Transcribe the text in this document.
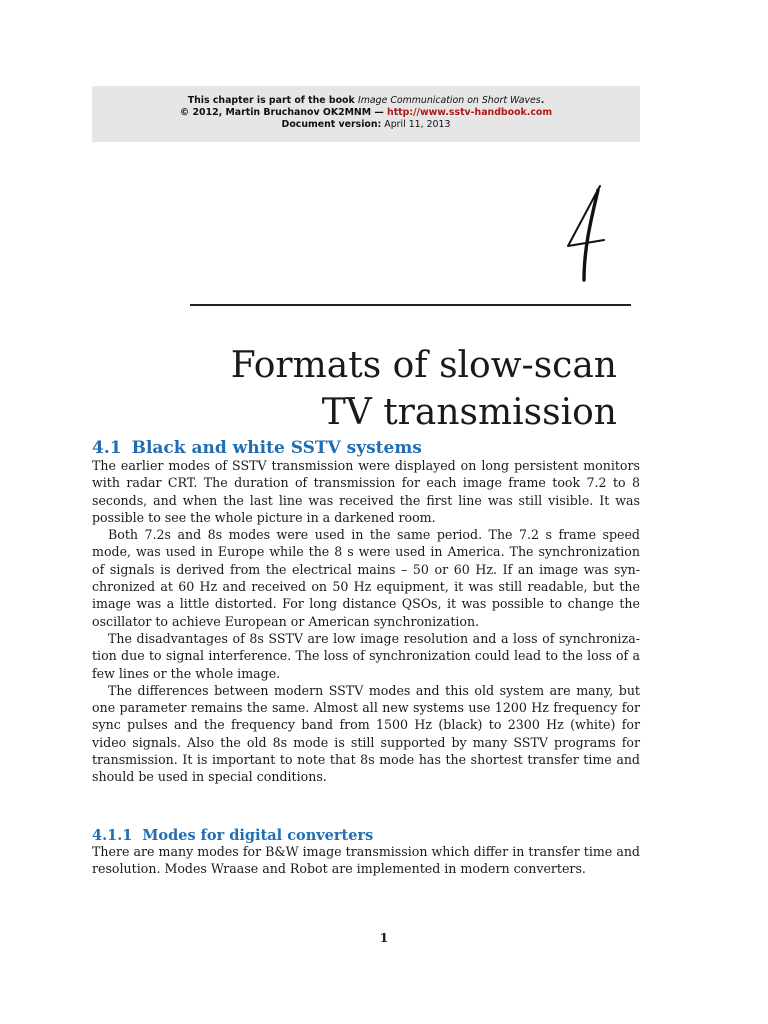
This chapter is part of the book Image Communication on Short Waves.
© 2012, Martin Bruchanov OK2MNM — http://www.sstv-handbook.com
Document version: April 11, 2013
Formats of slow-scan
TV transmission
4.1 Black and white SSTV systems

The earlier modes of SSTV transmission were displayed on long persistent monitors with radar CRT. The duration of transmission for each image frame took 7.2 to 8 seconds, and when the last line was received the first line was still visible. It was possible to see the whole picture in a darkened room.

Both 7.2s and 8s modes were used in the same period. The 7.2 s frame speed mode, was used in Europe while the 8 s were used in America. The synchronization of signals is derived from the electrical mains – 50 or 60 Hz. If an image was synchronized at 60 Hz and received on 50 Hz equipment, it was still readable, but the image was a little distorted. For long distance QSOs, it was possible to change the oscillator to achieve European or American synchronization.

The disadvantages of 8s SSTV are low image resolution and a loss of synchronization due to signal interference. The loss of synchronization could lead to the loss of a few lines or the whole image.

The differences between modern SSTV modes and this old system are many, but one parameter remains the same. Almost all new systems use 1200 Hz frequency for sync pulses and the frequency band from 1500 Hz (black) to 2300 Hz (white) for video signals. Also the old 8s mode is still supported by many SSTV programs for transmission. It is important to note that 8s mode has the shortest transfer time and should be used in special conditions.

4.1.1 Modes for digital converters

There are many modes for B&W image transmission which differ in transfer time and resolution. Modes Wraase and Robot are implemented in modern converters.

1
